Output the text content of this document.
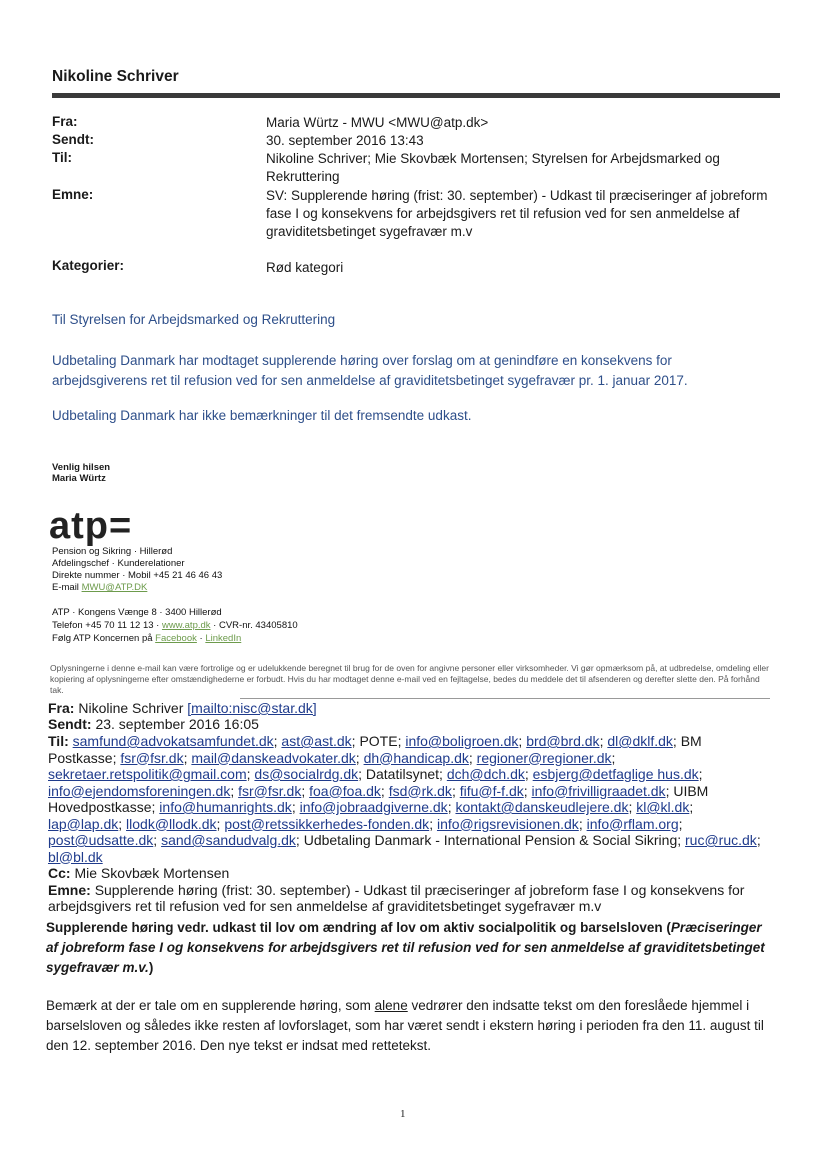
Nikoline Schriver
Fra:	Maria Würtz - MWU <MWU@atp.dk>
Sendt:	30. september 2016 13:43
Til:	Nikoline Schriver; Mie Skovbæk Mortensen; Styrelsen for Arbejdsmarked og Rekruttering
Emne:	SV: Supplerende høring (frist: 30. september) - Udkast til præciseringer af jobreform fase I og konsekvens for arbejdsgivers ret til refusion ved for sen anmeldelse af graviditetsbetinget sygefravær m.v
Kategorier:	Rød kategori
Til Styrelsen for Arbejdsmarked og Rekruttering
Udbetaling Danmark har modtaget supplerende høring over forslag om at genindføre en konsekvens for arbejdsgiverens ret til refusion ved for sen anmeldelse af graviditetsbetinget sygefravær pr. 1. januar 2017.
Udbetaling Danmark har ikke bemærkninger til det fremsendte udkast.
Venlig hilsen
Maria Würtz
atp=
Pension og Sikring · Hillerød
Afdelingschef · Kunderelationer
Direkte nummer · Mobil +45 21 46 46 43
E-mail MWU@ATP.DK
ATP · Kongens Vænge 8 · 3400 Hillerød
Telefon +45 70 11 12 13 · www.atp.dk · CVR-nr. 43405810
Følg ATP Koncernen på Facebook · LinkedIn
Oplysningerne i denne e-mail kan være fortrolige og er udelukkende beregnet til brug for de oven for angivne personer eller virksomheder. Vi gør opmærksom på, at udbredelse, omdeling eller kopiering af oplysningerne efter omstændighederne er forbudt. Hvis du har modtaget denne e-mail ved en fejltagelse, bedes du meddele det til afsenderen og derefter slette den. På forhånd tak.
Fra: Nikoline Schriver [mailto:nisc@star.dk]
Sendt: 23. september 2016 16:05
Til: samfund@advokatsamfundet.dk; ast@ast.dk; POTE; info@boligroen.dk; brd@brd.dk; dl@dklf.dk; BM Postkasse; fsr@fsr.dk; mail@danskeadvokater.dk; dh@handicap.dk; regioner@regioner.dk; sekretaer.retspolitik@gmail.com; ds@socialrdg.dk; Datatilsynet; dch@dch.dk; esbjerg@detfaglige hus.dk; info@ejendomsforeningen.dk; fsr@fsr.dk; foa@foa.dk; fsd@rk.dk; fifu@f-f.dk; info@frivilligraadet.dk; UIBM Hovedpostkasse; info@humanrights.dk; info@jobraadgiverne.dk; kontakt@danskeudlejere.dk; kl@kl.dk; lap@lap.dk; llodk@llodk.dk; post@retssikkerhedes-fonden.dk; info@rigsrevisionen.dk; info@rflam.org; post@udsatte.dk; sand@sandudvalg.dk; Udbetaling Danmark - International Pension & Social Sikring; ruc@ruc.dk; bl@bl.dk
Cc: Mie Skovbæk Mortensen
Emne: Supplerende høring (frist: 30. september) - Udkast til præciseringer af jobreform fase I og konsekvens for arbejdsgivers ret til refusion ved for sen anmeldelse af graviditetsbetinget sygefravær m.v
Supplerende høring vedr. udkast til lov om ændring af lov om aktiv socialpolitik og barselsloven (Præciseringer af jobreform fase I og konsekvens for arbejdsgivers ret til refusion ved for sen anmeldelse af graviditetsbetinget sygefravær m.v.)
Bemærk at der er tale om en supplerende høring, som alene vedrører den indsatte tekst om den foreslåede hjemmel i barselsloven og således ikke resten af lovforslaget, som har været sendt i ekstern høring i perioden fra den 11. august til den 12. september 2016. Den nye tekst er indsat med rettetekst.
1
